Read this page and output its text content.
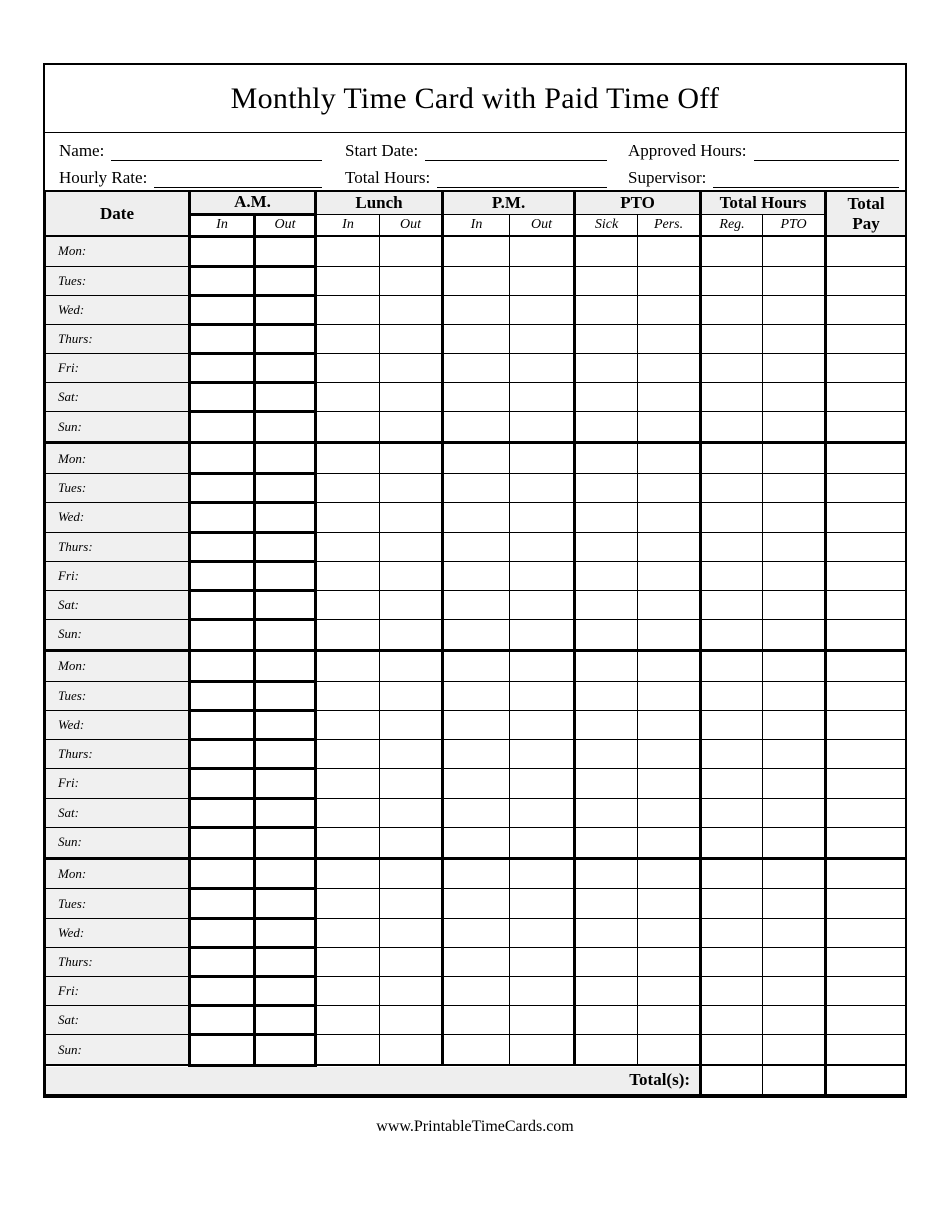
Monthly Time Card with Paid Time Off
Name:	Start Date:	Approved Hours:
Hourly Rate:	Total Hours:	Supervisor:
Date	A.M.		Lunch		P.M.		PTO		Total Hours		Total
Pay

	In	Out	In	Out	In	Out	Sick	Pers.	Reg.	PTO	
Mon:											
Tues:											
Wed:											
Thurs:											
Fri:											
Sat:											
Sun:											
Mon:											
Tues:											
Wed:											
Thurs:											
Fri:											
Sat:											
Sun:											
Mon:											
Tues:											
Wed:											
Thurs:											
Fri:											
Sat:											
Sun:											
Mon:											
Tues:											
Wed:											
Thurs:											
Fri:											
Sat:											
Sun:											
Total(s):											
www.PrintableTimeCards.com
